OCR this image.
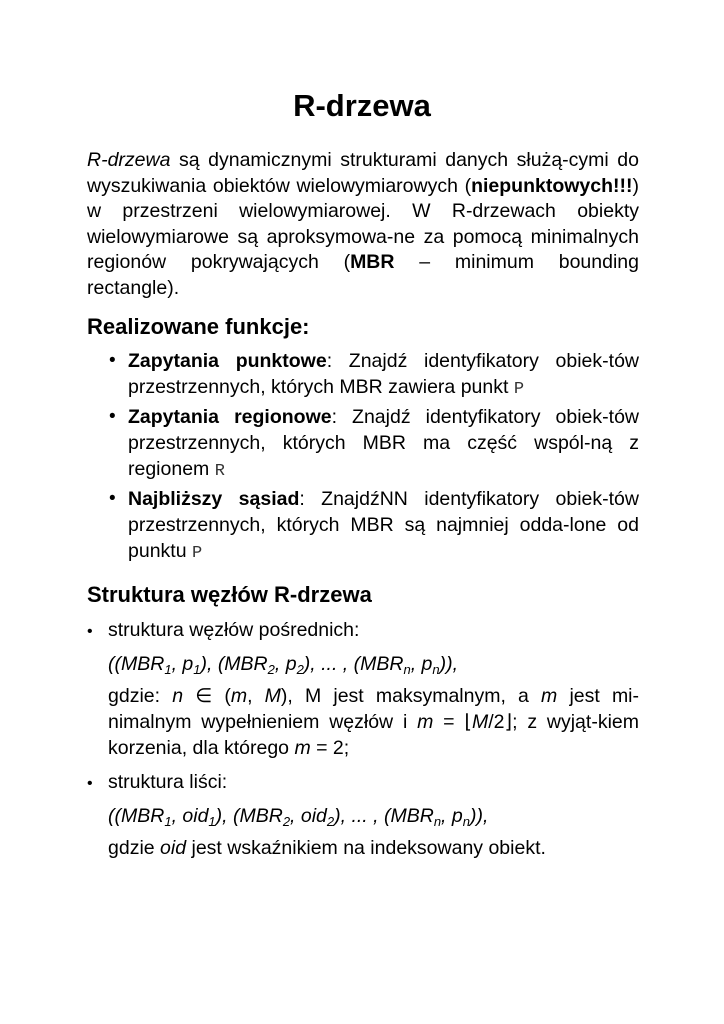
R-drzewa

R-drzewa są dynamicznymi strukturami danych służą-cymi do wyszukiwania obiektów wielowymiarowych (niepunktowych!!!) w przestrzeni wielowymiarowej. W R-drzewach obiekty wielowymiarowe są aproksymowa-ne za pomocą minimalnych regionów pokrywających (MBR – minimum bounding rectangle).

Realizowane funkcje:
• Zapytania punktowe: Znajdź identyfikatory obiek-tów przestrzennych, których MBR zawiera punkt P
• Zapytania regionowe: Znajdź identyfikatory obiek-tów przestrzennych, których MBR ma część wspól-ną z regionem R
• Najbliższy sąsiad: ZnajdźNN identyfikatory obiek-tów przestrzennych, których MBR są najmniej odda-lone od punktu P
Struktura węzłów R-drzewa
• struktura węzłów pośrednich:
(($MBR_1$, $p_1$), ($MBR_2$, $p_2$), ... , ($MBR_n$, $p_n$)),
gdzie: n ∈ (m, M), M jest maksymalnym, a m jest mi-nimalnym wypełnieniem węzłów i m = ⌊M/2⌋; z wyjąt-kiem korzenia, dla którego m = 2;
• struktura liści:
(($MBR_1$, oid$_1$), ($MBR_2$, oid$_2$), ... , ($MBR_n$, $p_n$)),
gdzie oid jest wskaźnikiem na indeksowany obiekt.
